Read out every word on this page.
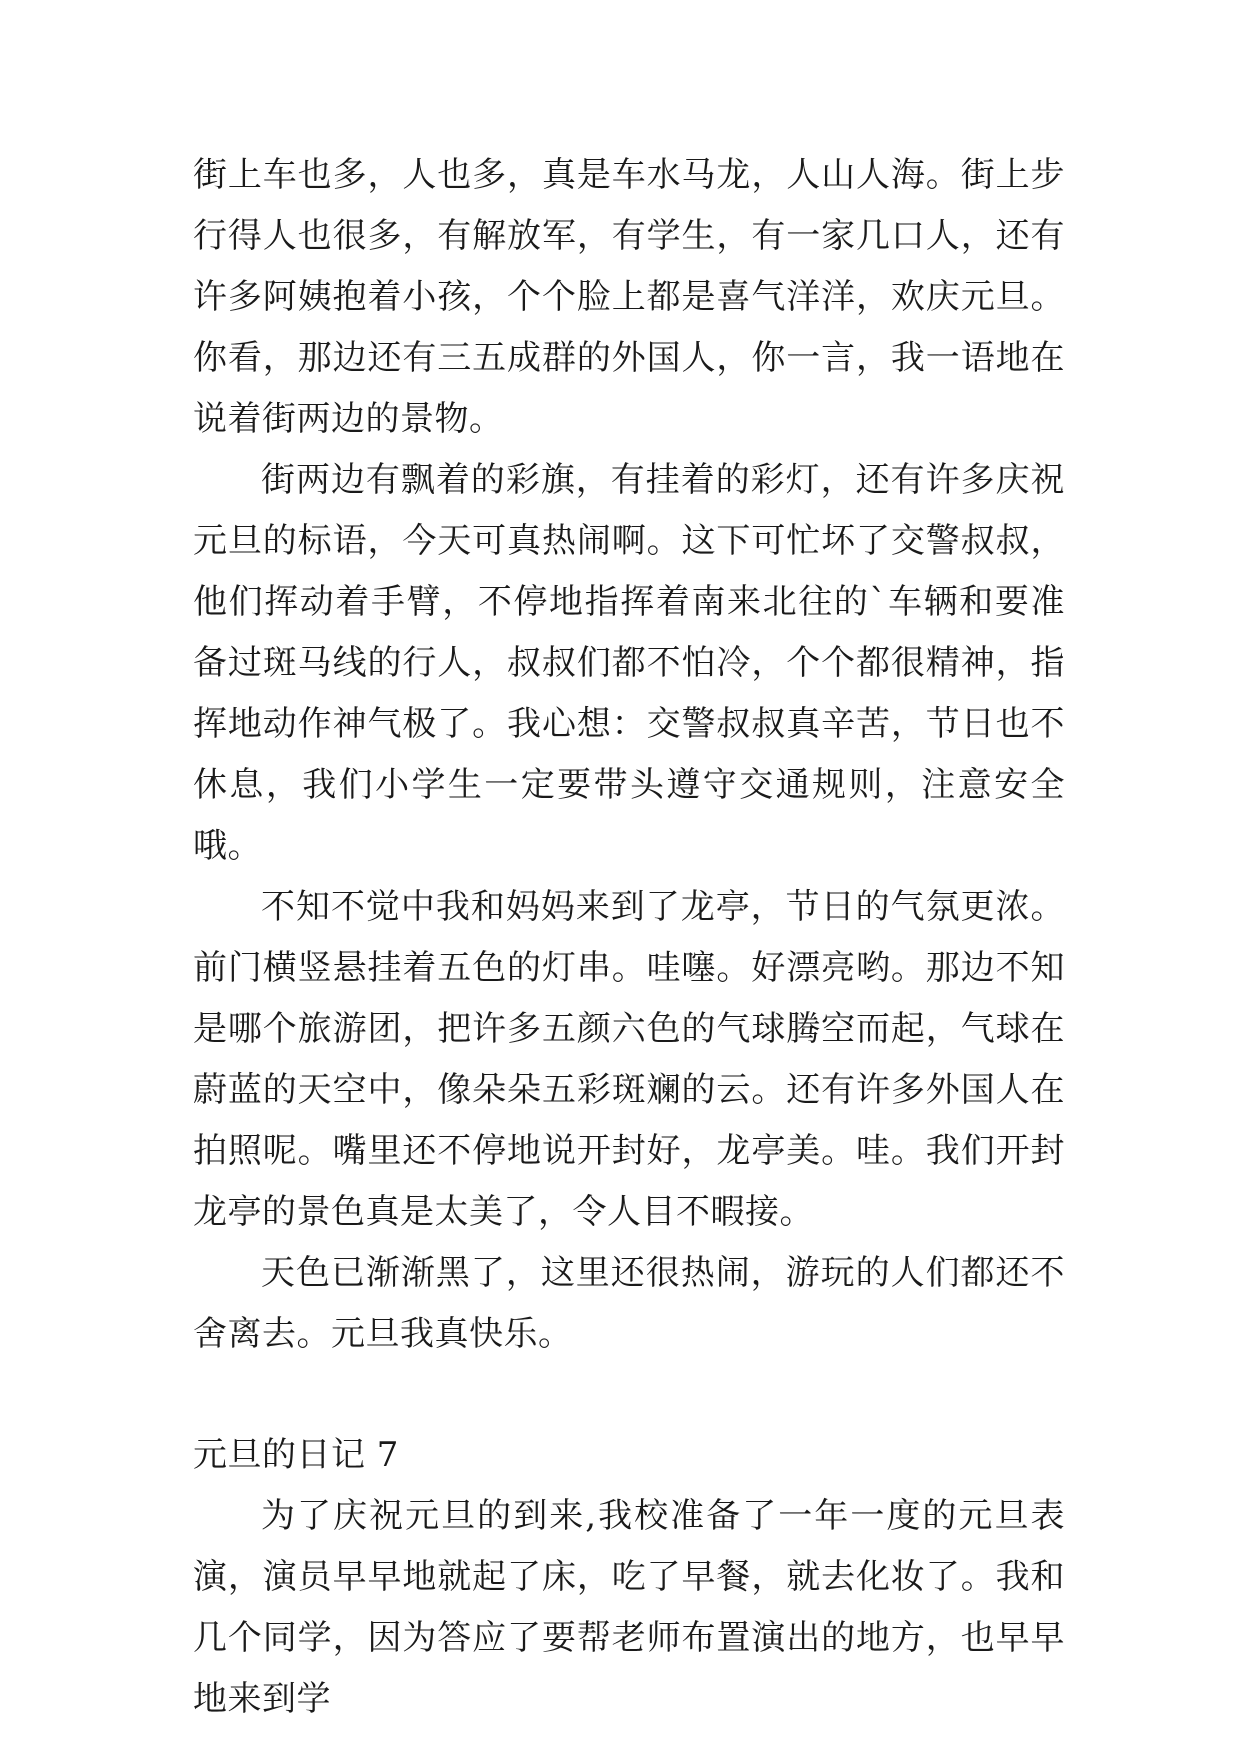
街上车也多，人也多，真是车水马龙，人山人海。街上步行得人也很多，有解放军，有学生，有一家几口人，还有许多阿姨抱着小孩，个个脸上都是喜气洋洋，欢庆元旦。你看，那边还有三五成群的外国人，你一言，我一语地在说着街两边的景物。

街两边有飘着的彩旗，有挂着的彩灯，还有许多庆祝元旦的标语，今天可真热闹啊。这下可忙坏了交警叔叔，他们挥动着手臂，不停地指挥着南来北往的`车辆和要准备过斑马线的行人，叔叔们都不怕冷，个个都很精神，指挥地动作神气极了。我心想：交警叔叔真辛苦，节日也不休息，我们小学生一定要带头遵守交通规则，注意安全哦。

不知不觉中我和妈妈来到了龙亭，节日的气氛更浓。前门横竖悬挂着五色的灯串。哇噻。好漂亮哟。那边不知是哪个旅游团，把许多五颜六色的气球腾空而起，气球在蔚蓝的天空中，像朵朵五彩斑斓的云。还有许多外国人在拍照呢。嘴里还不停地说开封好，龙亭美。哇。我们开封龙亭的景色真是太美了，令人目不暇接。

天色已渐渐黑了，这里还很热闹，游玩的人们都还不舍离去。元旦我真快乐。

元旦的日记 7

为了庆祝元旦的到来,我校准备了一年一度的元旦表演，演员早早地就起了床，吃了早餐，就去化妆了。我和几个同学，因为答应了要帮老师布置演出的地方，也早早地来到学
